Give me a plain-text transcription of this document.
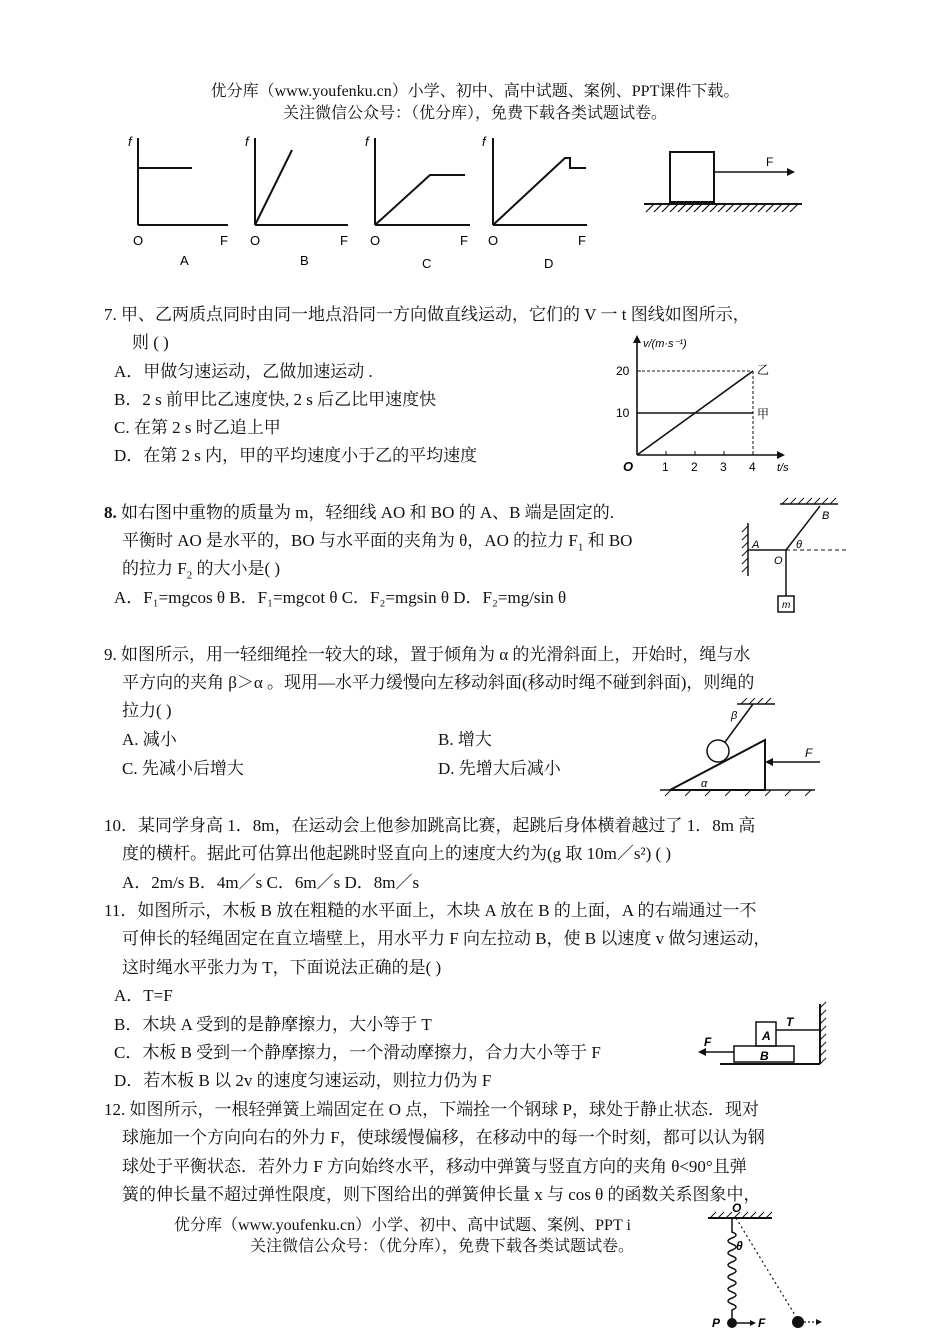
优分库（www.youfenku.cn）小学、初中、高中试题、案例、PPT课件下载。
关注微信公众号：（优分库），免费下载各类试题试卷。
f
O	F
A
f
O	F
B
f
O	F
C
f
O	F
D
F
7. 甲、乙两质点同时由同一地点沿同一方向做直线运动，它们的 V 一 t 图线如图所示，
则 ( )
A．甲做匀速运动，乙做加速运动 .
B．2 s 前甲比乙速度快, 2 s 后乙比甲速度快
C. 在第 2 s 时乙追上甲
D．在第 2 s 内，甲的平均速度小于乙的平均速度
v/(m·s⁻¹)
t/s
O 1 2 3 4
10
20
甲
乙
8. 如右图中重物的质量为 m，轻细线 AO 和 BO 的 A、B 端是固定的.
平衡时 AO 是水平的，BO 与水平面的夹角为 θ，AO 的拉力 $F_1$ 和 BO
的拉力 $F_2$ 的大小是( )
A．F₁=mgcos θ B．F₁=mgcot θ C．F₂=mgsin θ D．F₂=mg/sin θ
A
B
O
θ
m
9. 如图所示，用一轻细绳拴一较大的球，置于倾角为 α 的光滑斜面上，开始时，绳与水
平方向的夹角 β＞α 。现用—水平力缓慢向左移动斜面(移动时绳不碰到斜面)，则绳的
拉力( )
A. 减小	B. 增大
C. 先减小后增大	D. 先增大后减小
β
α
F
10．某同学身高 1．8m，在运动会上他参加跳高比赛，起跳后身体横着越过了 1．8m 高
度的横杆。据此可估算出他起跳时竖直向上的速度大约为(g 取 10m／s²) ( )
A．2m/s B．4m／s C．6m／s D．8m／s
11．如图所示，木板 B 放在粗糙的水平面上，木块 A 放在 B 的上面，A 的右端通过一不
可伸长的轻绳固定在直立墙壁上，用水平力 F 向左拉动 B，使 B 以速度 v 做匀速运动，
这时绳水平张力为 T，下面说法正确的是( )
A．T=F
B．木块 A 受到的是静摩擦力，大小等于 T
C．木板 B 受到一个静摩擦力，一个滑动摩擦力，合力大小等于 F
D．若木板 B 以 2v 的速度匀速运动，则拉力仍为 F
A
B
T
F
12. 如图所示，一根轻弹簧上端固定在 O 点，下端拴一个钢球 P，球处于静止状态．现对
球施加一个方向向右的外力 F，使球缓慢偏移，在移动中的每一个时刻，都可以认为钢
球处于平衡状态．若外力 F 方向始终水平，移动中弹簧与竖直方向的夹角 θ<90°且弹
簧的伸长量不超过弹性限度，则下图给出的弹簧伸长量 x 与 cos θ 的函数关系图象中，
优分库（www.youfenku.cn）小学、初中、高中试题、案例、PPT i
关注微信公众号：（优分库），免费下载各类试题试卷。
O
θ
P	F
